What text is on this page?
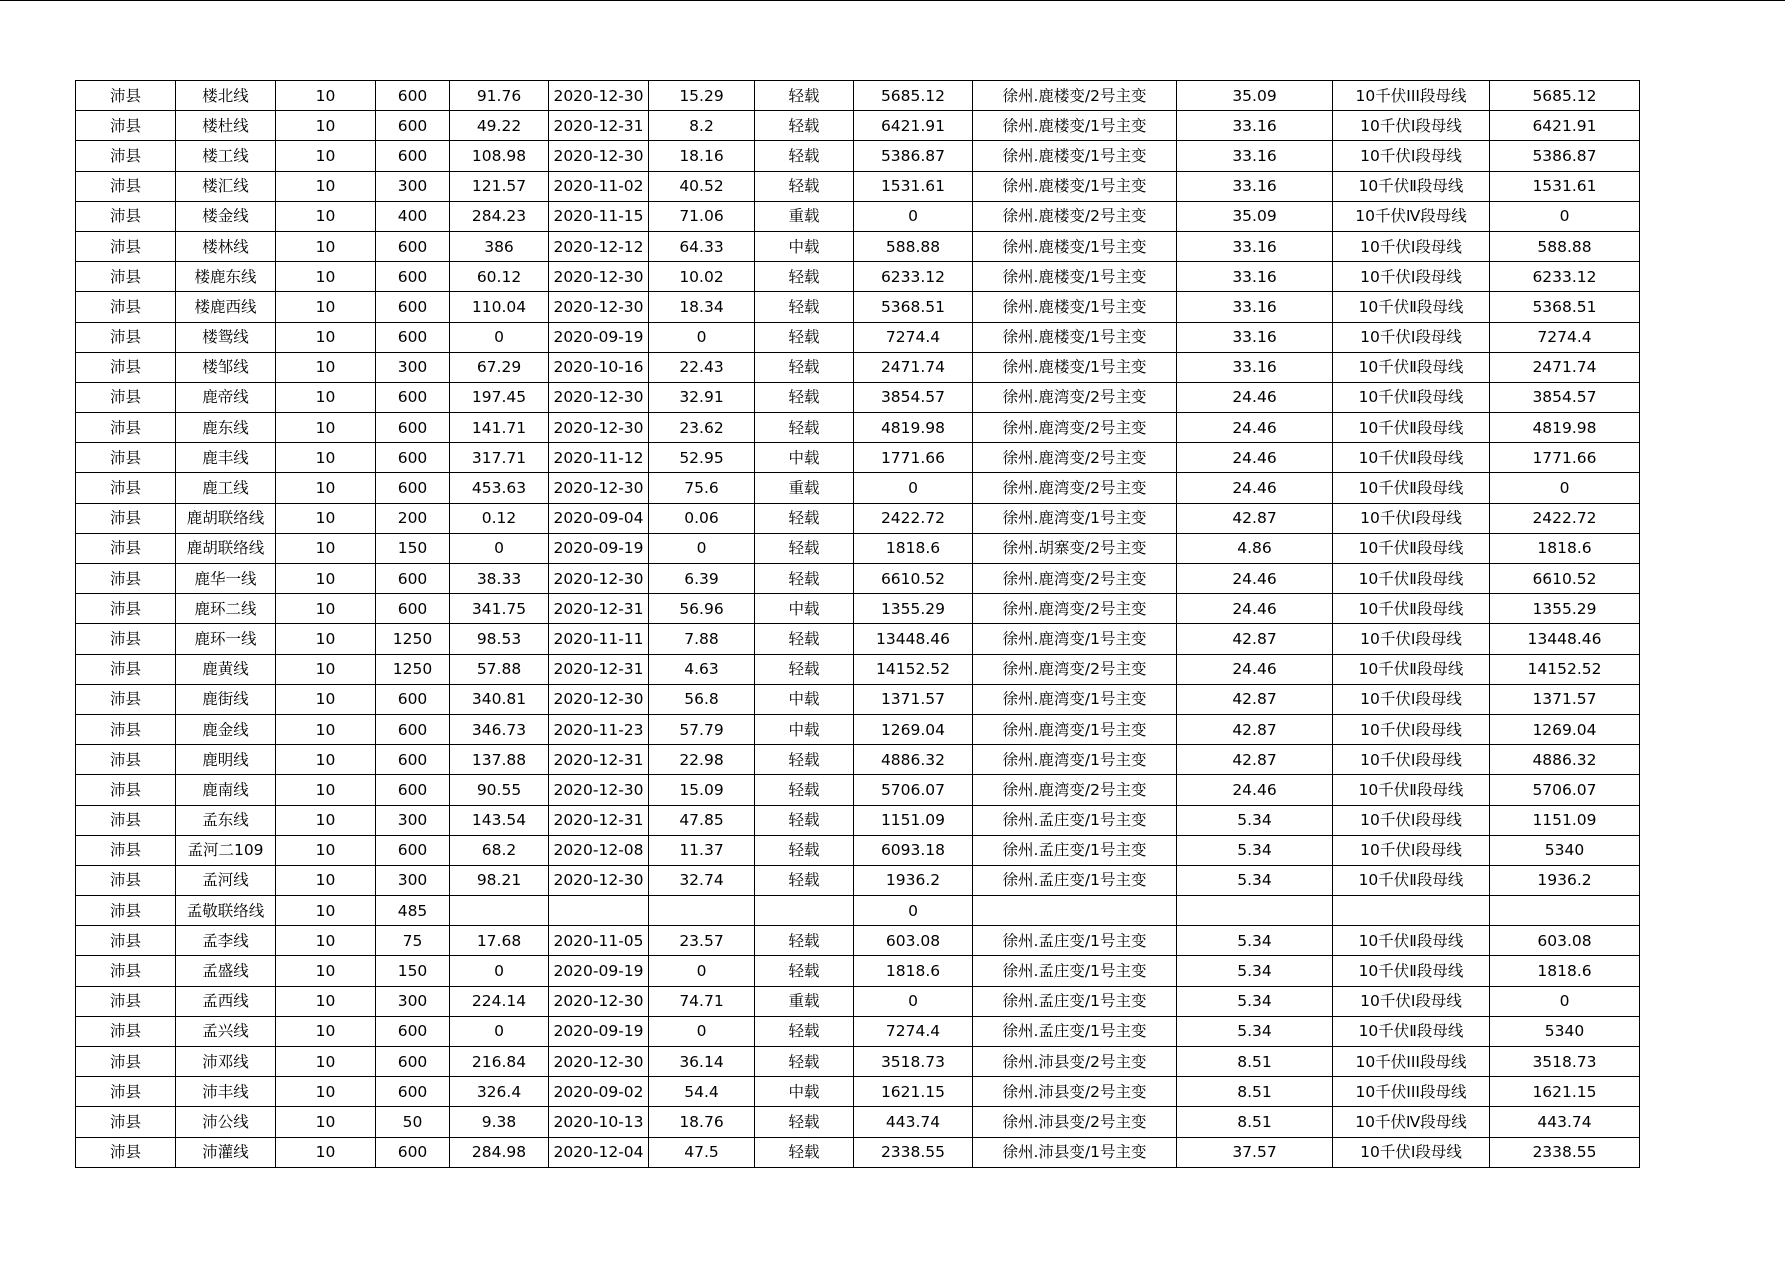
沛县	楼北线	10	600	91.76	2020-12-30	15.29	轻载	5685.12	徐州.鹿楼变/2号主变	35.09	10千伏III段母线	5685.12
沛县	楼杜线	10	600	49.22	2020-12-31	8.2	轻载	6421.91	徐州.鹿楼变/1号主变	33.16	10千伏Ⅰ段母线	6421.91
沛县	楼工线	10	600	108.98	2020-12-30	18.16	轻载	5386.87	徐州.鹿楼变/1号主变	33.16	10千伏Ⅰ段母线	5386.87
沛县	楼汇线	10	300	121.57	2020-11-02	40.52	轻载	1531.61	徐州.鹿楼变/1号主变	33.16	10千伏Ⅱ段母线	1531.61
沛县	楼金线	10	400	284.23	2020-11-15	71.06	重载	0	徐州.鹿楼变/2号主变	35.09	10千伏Ⅳ段母线	0
沛县	楼林线	10	600	386	2020-12-12	64.33	中载	588.88	徐州.鹿楼变/1号主变	33.16	10千伏Ⅰ段母线	588.88
沛县	楼鹿东线	10	600	60.12	2020-12-30	10.02	轻载	6233.12	徐州.鹿楼变/1号主变	33.16	10千伏Ⅰ段母线	6233.12
沛县	楼鹿西线	10	600	110.04	2020-12-30	18.34	轻载	5368.51	徐州.鹿楼变/1号主变	33.16	10千伏Ⅱ段母线	5368.51
沛县	楼鸳线	10	600	0	2020-09-19	0	轻载	7274.4	徐州.鹿楼变/1号主变	33.16	10千伏Ⅰ段母线	7274.4
沛县	楼邹线	10	300	67.29	2020-10-16	22.43	轻载	2471.74	徐州.鹿楼变/1号主变	33.16	10千伏Ⅱ段母线	2471.74
沛县	鹿帝线	10	600	197.45	2020-12-30	32.91	轻载	3854.57	徐州.鹿湾变/2号主变	24.46	10千伏Ⅱ段母线	3854.57
沛县	鹿东线	10	600	141.71	2020-12-30	23.62	轻载	4819.98	徐州.鹿湾变/2号主变	24.46	10千伏Ⅱ段母线	4819.98
沛县	鹿丰线	10	600	317.71	2020-11-12	52.95	中载	1771.66	徐州.鹿湾变/2号主变	24.46	10千伏Ⅱ段母线	1771.66
沛县	鹿工线	10	600	453.63	2020-12-30	75.6	重载	0	徐州.鹿湾变/2号主变	24.46	10千伏Ⅱ段母线	0
沛县	鹿胡联络线	10	200	0.12	2020-09-04	0.06	轻载	2422.72	徐州.鹿湾变/1号主变	42.87	10千伏Ⅰ段母线	2422.72
沛县	鹿胡联络线	10	150	0	2020-09-19	0	轻载	1818.6	徐州.胡寨变/2号主变	4.86	10千伏Ⅱ段母线	1818.6
沛县	鹿华一线	10	600	38.33	2020-12-30	6.39	轻载	6610.52	徐州.鹿湾变/2号主变	24.46	10千伏Ⅱ段母线	6610.52
沛县	鹿环二线	10	600	341.75	2020-12-31	56.96	中载	1355.29	徐州.鹿湾变/2号主变	24.46	10千伏Ⅱ段母线	1355.29
沛县	鹿环一线	10	1250	98.53	2020-11-11	7.88	轻载	13448.46	徐州.鹿湾变/1号主变	42.87	10千伏Ⅰ段母线	13448.46
沛县	鹿黄线	10	1250	57.88	2020-12-31	4.63	轻载	14152.52	徐州.鹿湾变/2号主变	24.46	10千伏Ⅱ段母线	14152.52
沛县	鹿街线	10	600	340.81	2020-12-30	56.8	中载	1371.57	徐州.鹿湾变/1号主变	42.87	10千伏Ⅰ段母线	1371.57
沛县	鹿金线	10	600	346.73	2020-11-23	57.79	中载	1269.04	徐州.鹿湾变/1号主变	42.87	10千伏Ⅰ段母线	1269.04
沛县	鹿明线	10	600	137.88	2020-12-31	22.98	轻载	4886.32	徐州.鹿湾变/1号主变	42.87	10千伏Ⅰ段母线	4886.32
沛县	鹿南线	10	600	90.55	2020-12-30	15.09	轻载	5706.07	徐州.鹿湾变/2号主变	24.46	10千伏Ⅱ段母线	5706.07
沛县	孟东线	10	300	143.54	2020-12-31	47.85	轻载	1151.09	徐州.孟庄变/1号主变	5.34	10千伏Ⅰ段母线	1151.09
沛县	孟河二109	10	600	68.2	2020-12-08	11.37	轻载	6093.18	徐州.孟庄变/1号主变	5.34	10千伏Ⅰ段母线	5340
沛县	孟河线	10	300	98.21	2020-12-30	32.74	轻载	1936.2	徐州.孟庄变/1号主变	5.34	10千伏Ⅱ段母线	1936.2
沛县	孟敬联络线	10	485					0				
沛县	孟李线	10	75	17.68	2020-11-05	23.57	轻载	603.08	徐州.孟庄变/1号主变	5.34	10千伏Ⅱ段母线	603.08
沛县	孟盛线	10	150	0	2020-09-19	0	轻载	1818.6	徐州.孟庄变/1号主变	5.34	10千伏Ⅱ段母线	1818.6
沛县	孟西线	10	300	224.14	2020-12-30	74.71	重载	0	徐州.孟庄变/1号主变	5.34	10千伏Ⅰ段母线	0
沛县	孟兴线	10	600	0	2020-09-19	0	轻载	7274.4	徐州.孟庄变/1号主变	5.34	10千伏Ⅱ段母线	5340
沛县	沛邓线	10	600	216.84	2020-12-30	36.14	轻载	3518.73	徐州.沛县变/2号主变	8.51	10千伏III段母线	3518.73
沛县	沛丰线	10	600	326.4	2020-09-02	54.4	中载	1621.15	徐州.沛县变/2号主变	8.51	10千伏III段母线	1621.15
沛县	沛公线	10	50	9.38	2020-10-13	18.76	轻载	443.74	徐州.沛县变/2号主变	8.51	10千伏Ⅳ段母线	443.74
沛县	沛灌线	10	600	284.98	2020-12-04	47.5	轻载	2338.55	徐州.沛县变/1号主变	37.57	10千伏Ⅰ段母线	2338.55
